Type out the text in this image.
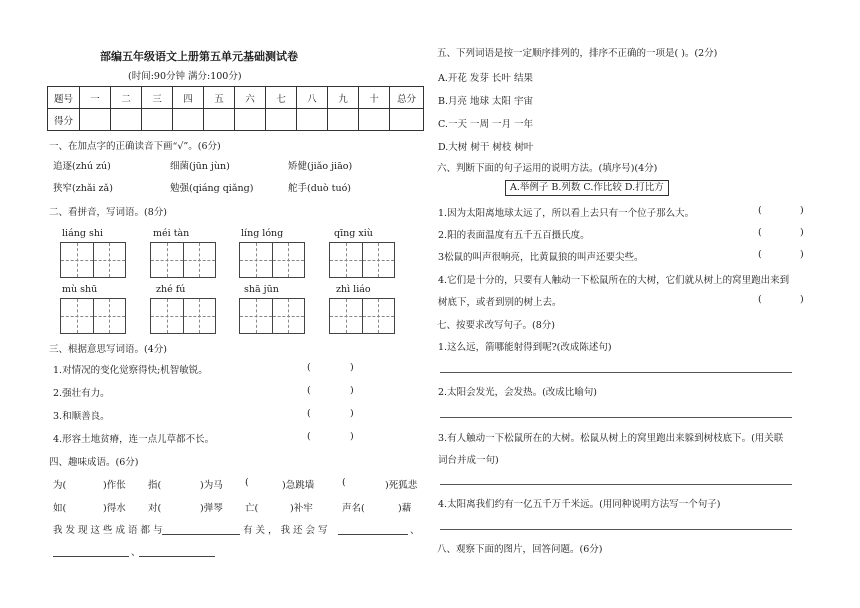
部编五年级语文上册第五单元基础测试卷
(时间:90分钟 满分:100分)
题号	一	二	三	四	五	六	七	八	九	十	总分
得分											
一、在加点字的正确读音下画“√”。(6分)
追逐(zhú zú)	细菌(jūn jùn)	矫健(jiǎo jiāo)
狭窄(zhǎi zǎ)	勉强(qiáng qiǎng)	舵手(duò tuó)
二、看拼音，写词语。(8分)
liáng shi	méi tàn	líng lóng	qīng xiù
mù shū	zhé fú	shā jūn	zhì liáo
三、根据意思写词语。(4分)
1.对情况的变化觉察得快;机智敏锐。
2.强壮有力。
3.和顺善良。
4.形容土地贫瘠，连一点儿草都不长。
(	)
(	)
(	)
(	)
四、趣味成语。(6分)
为(	)作伥 指(	)为马 (	)急跳墙	(	)死狐悲
如(	)得水 对(	)弹琴 亡(	)补牢	声名(	)藉
我发现这些成语都与	有关，我还会写	、
、
五、下列词语是按一定顺序排列的，排序不正确的一项是( )。(2分)
A.开花 发芽 长叶 结果
B.月亮 地球 太阳 宇宙
C.一天 一周 一月 一年
D.大树 树干 树枝 树叶
六、判断下面的句子运用的说明方法。(填序号)(4分)
A.举例子 B.列数 C.作比较 D.打比方
1.因为太阳离地球太远了，所以看上去只有一个位子那么大。
2.阳的表面温度有五千五百摄氏度。
3松鼠的叫声很响亮，比黄鼠狼的叫声还要尖些。
4.它们是十分的，只要有人触动一下松鼠所在的大树，它们就从树上的窝里跑出来到
树底下，或者到别的树上去。
(	)
(	)
(	)
(	)
七、按要求改写句子。(8分)
1.这么远，箭哪能射得到呢?(改成陈述句)
2.太阳会发光，会发热。(改成比喻句)
3.有人触动一下松鼠所在的大树。松鼠从树上的窝里跑出来躲到树枝底下。(用关联
词台并成一句)
4.太阳离我们约有一亿五千万千米远。(用同种说明方法写一个句子)
八、观察下面的图片，回答问题。(6分)
